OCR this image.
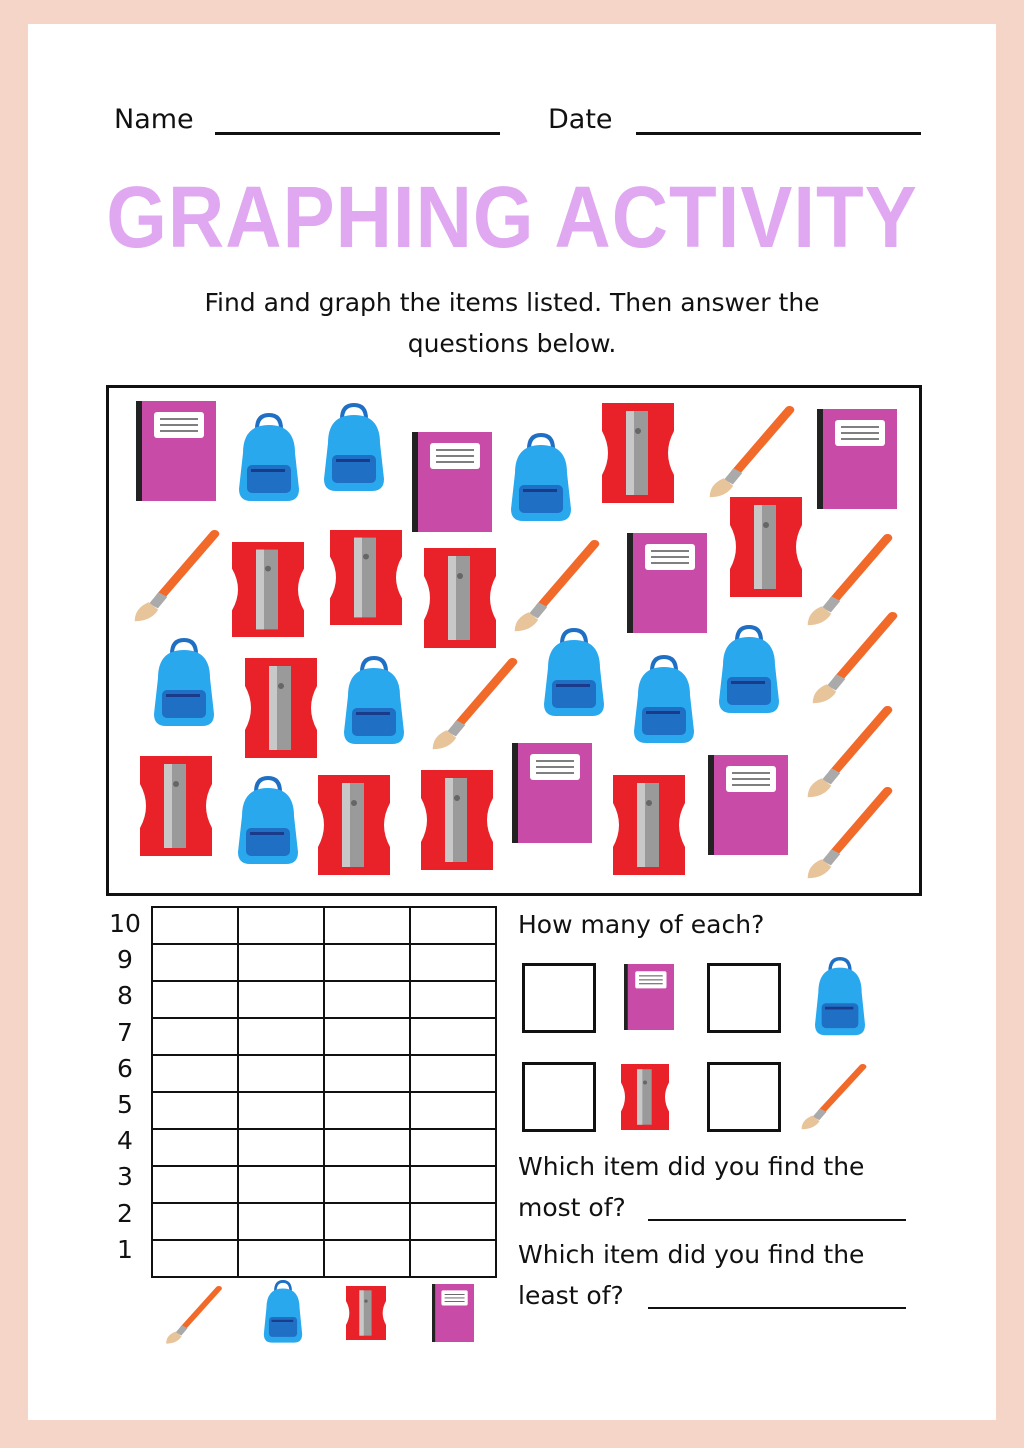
Name	Date
GRAPHING ACTIVITY
Find and graph the items listed. Then answer the questions below.
10
9
8
7
6
5
4
3
2
1

How many of each?
Which item did you find the most of?
Which item did you find the least of?
